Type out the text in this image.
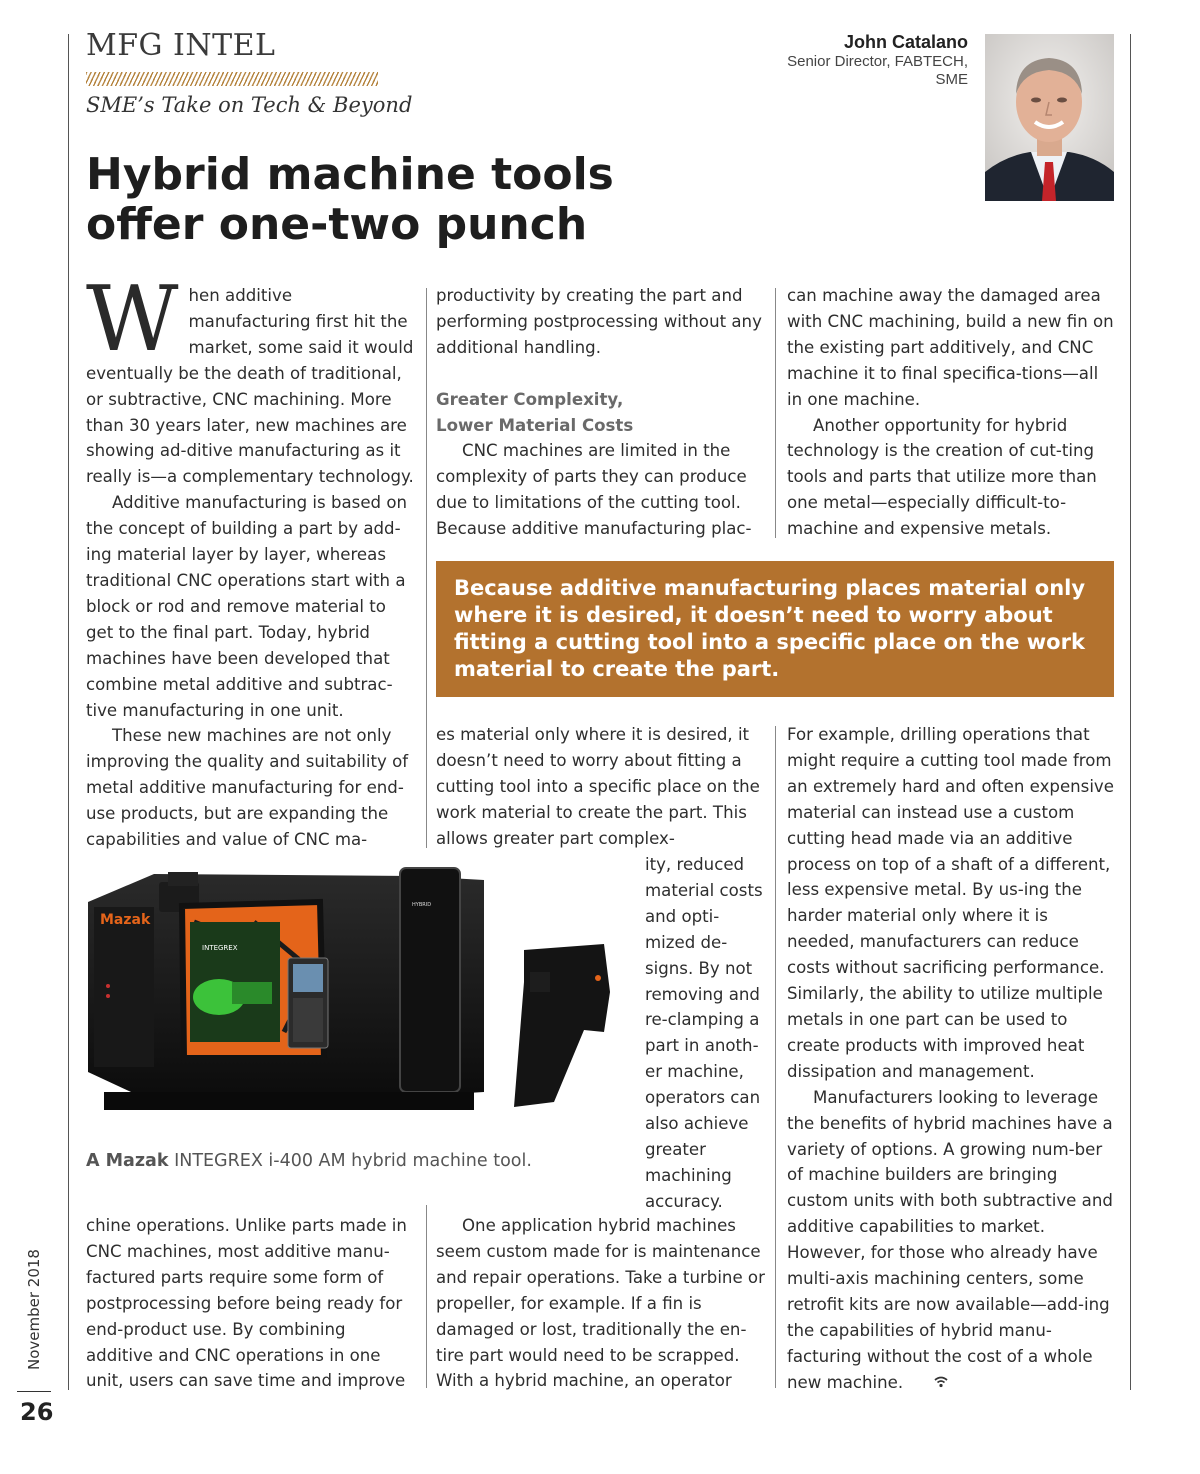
MFG INTEL
SME’s Take on Tech & Beyond
John Catalano
Senior Director, FABTECH,
SME
Hybrid machine tools
offer one-two punch

When additive manufacturing first hit the market, some said it would eventually be the death of traditional, or subtractive, CNC machining. More than 30 years later, new machines are showing ad-ditive manufacturing as it really is—a complementary technology.

Additive manufacturing is based on the concept of building a part by add-ing material layer by layer, whereas traditional CNC operations start with a block or rod and remove material to get to the final part. Today, hybrid machines have been developed that combine metal additive and subtrac-tive manufacturing in one unit.

These new machines are not only improving the quality and suitability of metal additive manufacturing for end-use products, but are expanding the capabilities and value of CNC ma-

productivity by creating the part and performing postprocessing without any additional handling.

Greater Complexity,

Lower Material Costs

CNC machines are limited in the complexity of parts they can produce due to limitations of the cutting tool. Because additive manufacturing plac-

can machine away the damaged area with CNC machining, build a new fin on the existing part additively, and CNC machine it to final specifica-tions—all in one machine.

Another opportunity for hybrid technology is the creation of cut-ting tools and parts that utilize more than one metal—especially difficult-to-machine and expensive metals.

Because additive manufacturing places material only where it is desired, it doesn’t need to worry about fitting a cutting tool into a specific place on the work material to create the part.

es material only where it is desired, it doesn’t need to worry about fitting a cutting tool into a specific place on the work material to create the part. This allows greater part complex-

ity, reduced material costs and opti-mized de-signs. By not removing and re-clamping a part in anoth-er machine, operators can also achieve greater machining accuracy.

For example, drilling operations that might require a cutting tool made from an extremely hard and often expensive material can instead use a custom cutting head made via an additive process on top of a shaft of a different, less expensive metal. By us-ing the harder material only where it is needed, manufacturers can reduce costs without sacrificing performance. Similarly, the ability to utilize multiple metals in one part can be used to create products with improved heat dissipation and management.

Manufacturers looking to leverage the benefits of hybrid machines have a variety of options. A growing num-ber of machine builders are bringing custom units with both subtractive and additive capabilities to market. However, for those who already have multi-axis machining centers, some retrofit kits are now available—add-ing the capabilities of hybrid manu-facturing without the cost of a whole new machine.

Mazak
INTEGREX
HYBRID
A Mazak INTEGREX i-400 AM hybrid machine tool.

chine operations. Unlike parts made in CNC machines, most additive manu-factured parts require some form of postprocessing before being ready for end-product use. By combining additive and CNC operations in one unit, users can save time and improve

One application hybrid machines seem custom made for is maintenance and repair operations. Take a turbine or propeller, for example. If a fin is damaged or lost, traditionally the en-tire part would need to be scrapped. With a hybrid machine, an operator

November 2018
26
